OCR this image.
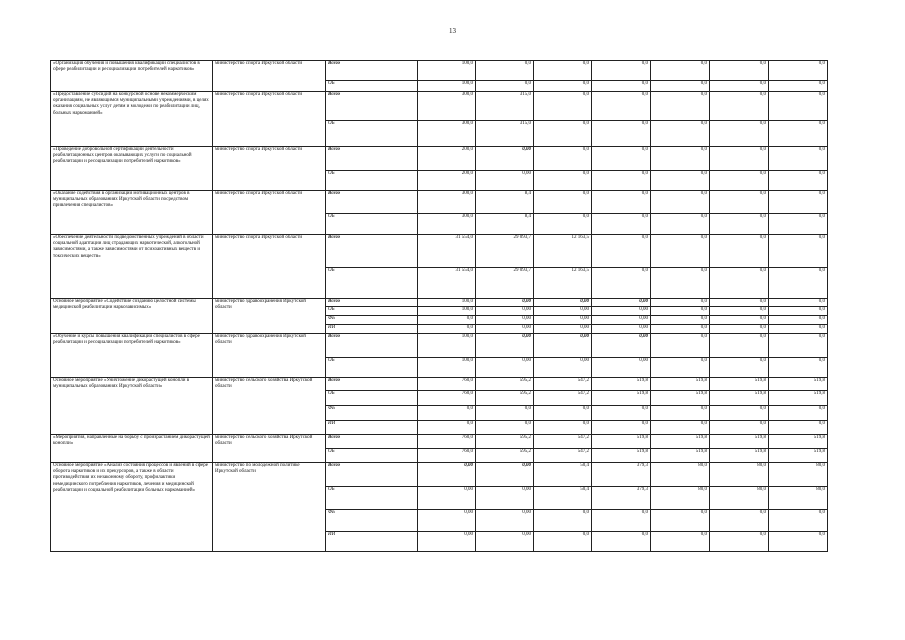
13
«Организация обучения и повышения квалификации специалистов в сфере реабилитации и ресоциализации потребителей наркотиков»	министерство спорта Иркутской области	Всего	100,0	0,0	0,0	0,0	0,0	0,0	0,0
		ОБ	100,0	0,0	0,0	0,0	0,0	0,0	0,0
«Предоставление субсидий на конкурсной основе некоммерческим организациям, не являющимся муниципальными учреждениями, в целях оказания социальных услуг детям и молодежи по реабилитации лиц, больных наркоманией»	министерство спорта Иркутской области	Всего	300,0	315,0	0,0	0,0	0,0	0,0	0,0
		ОБ	300,0	315,0	0,0	0,0	0,0	0,0	0,0
«Проведение добровольной сертификации деятельности реабилитационных центров оказывающих услуги по социальной реабилитации и ресоциализации потребителей наркотиков»	министерство спорта Иркутской области	Всего	200,0	0,00	0,0	0,0	0,0	0,0	0,0
		ОБ	200,0	0,00	0,0	0,0	0,0	0,0	0,0
«Оказание содействия в организации мотивационных центров в муниципальных образованиях Иркутской области посредством привлечения специалистов»	министерство спорта Иркутской области	Всего	300,0	8,4	0,0	0,0	0,0	0,0	0,0
		ОБ	300,0	8,4	0,0	0,0	0,0	0,0	0,0
«Обеспечение деятельности подведомственных учреждений в области социальной адаптации лиц страдающих наркотической, алкогольной зависимостями, а также зависимостями от психоактивных веществ и токсических веществ»	министерство спорта Иркутской области	Всего	31 554,0	29 093,7	12 163,5	0,0	0,0	0,0	0,0
		ОБ	31 554,0	29 093,7	12 163,5	0,0	0,0	0,0	0,0
Основное мероприятие «Содействие созданию целостной системы медицинской реабилитации наркозависимых»	министерство здравоохранения Иркутской области	Всего	100,0	0,00	0,00	0,00	0,0	0,0	0,0
		ОБ	100,0	0,00	0,00	0,00	0,0	0,0	0,0
		ФБ	0,0	0,00	0,00	0,00	0,0	0,0	0,0
		ИИ	0,0	0,00	0,00	0,00	0,0	0,0	0,0
«Обучение и курсы повышения квалификации специалистов в сфере реабилитации и ресоциализации потребителей наркотиков»	министерство здравоохранения Иркутской области	Всего	100,0	0,00	0,00	0,00	0,0	0,0	0,0
		ОБ	100,0	0,00	0,00	0,00	0,0	0,0	0,0
Основное мероприятие «Уничтожение дикорастущей конопли в муниципальных образованиях Иркутской области»	министерство сельского хозяйства Иркутской области	Всего	760,0	595,2	547,2	519,8	519,8	519,8	519,8
		ОБ	760,0	595,2	547,2	519,8	519,8	519,8	519,8
		ФБ	0,0	0,0	0,0	0,0	0,0	0,0	0,0
		ИИ	0,0	0,0	0,0	0,0	0,0	0,0	0,0
«Мероприятия, направленные на борьбу с произрастанием дикорастущей конопли»	министерство сельского хозяйства Иркутской области	Всего	760,0	595,2	547,2	519,8	519,8	519,8	519,8
		ОБ	760,0	595,2	547,2	519,8	519,8	519,8	519,8
Основное мероприятие «Анализ состояния процессов и явлений в сфере оборота наркотиков и их прекурсоров, а также в области противодействия их незаконному обороту, профилактики немедицинского потребления наркотиков, лечения и медицинской реабилитации и социальной реабилитации больных наркоманией»	министерство по молодежной политике Иркутской области	Всего	0,00	0,00	50,4	379,3	80,0	80,0	80,0
		ОБ	0,00	0,00	50,4	379,3	80,0	80,0	80,0
		ФБ	0,00	0,00	0,0	0,0	0,0	0,0	0,0
		ИИ	0,00	0,00	0,0	0,0	0,0	0,0	0,0
